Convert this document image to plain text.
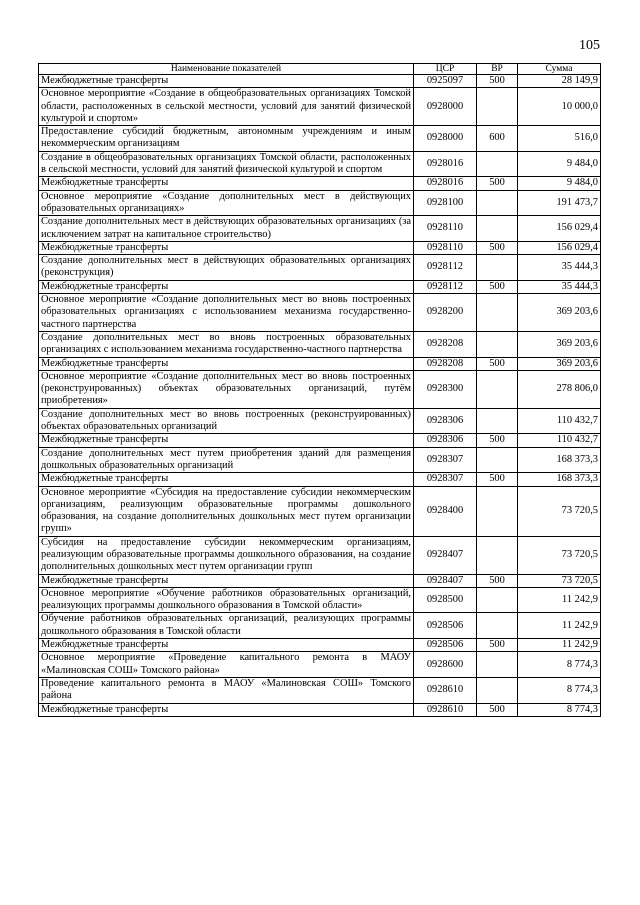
105
Наименование показателей	ЦСР	ВР	Сумма
Межбюджетные трансферты	0925097	500	28 149,9
Основное мероприятие «Создание в общеобразовательных организациях Томской области, расположенных в сельской местности, условий для занятий физической культурой и спортом»	0928000		10 000,0
Предоставление субсидий бюджетным, автономным учреждениям и иным некоммерческим организациям	0928000	600	516,0
Создание в общеобразовательных организациях Томской области, расположенных в сельской местности, условий для занятий физической культурой и спортом	0928016		9 484,0
Межбюджетные трансферты	0928016	500	9 484,0
Основное мероприятие «Создание дополнительных мест в действующих образовательных организациях»	0928100		191 473,7
Создание дополнительных мест в действующих образовательных организациях (за исключением затрат на капитальное строительство)	0928110		156 029,4
Межбюджетные трансферты	0928110	500	156 029,4
Создание дополнительных мест в действующих образовательных организациях (реконструкция)	0928112		35 444,3
Межбюджетные трансферты	0928112	500	35 444,3
Основное мероприятие «Создание дополнительных мест во вновь построенных образовательных организациях с использованием механизма государственно-частного партнерства	0928200		369 203,6
Создание дополнительных мест во вновь построенных образовательных организациях с использованием механизма государственно-частного партнерства	0928208		369 203,6
Межбюджетные трансферты	0928208	500	369 203,6
Основное мероприятие «Создание дополнительных мест во вновь построенных (реконструированных) объектах образовательных организаций, путём приобретения»	0928300		278 806,0
Создание дополнительных мест во вновь построенных (реконструированных) объектах образовательных организаций	0928306		110 432,7
Межбюджетные трансферты	0928306	500	110 432,7
Создание дополнительных мест путем приобретения зданий для размещения дошкольных образовательных организаций	0928307		168 373,3
Межбюджетные трансферты	0928307	500	168 373,3
Основное мероприятие «Субсидия на предоставление субсидии некоммерческим организациям, реализующим образовательные программы дошкольного образования, на создание дополнительных дошкольных мест путем организации групп»	0928400		73 720,5
Субсидия на предоставление субсидии некоммерческим организациям, реализующим образовательные программы дошкольного образования, на создание дополнительных дошкольных мест путем организации групп	0928407		73 720,5
Межбюджетные трансферты	0928407	500	73 720,5
Основное мероприятие «Обучение работников образовательных организаций, реализующих программы дошкольного образования в Томской области»	0928500		11 242,9
Обучение работников образовательных организаций, реализующих программы дошкольного образования в Томской области	0928506		11 242,9
Межбюджетные трансферты	0928506	500	11 242,9
Основное мероприятие «Проведение капитального ремонта в МАОУ «Малиновская СОШ» Томского района»	0928600		8 774,3
Проведение капитального ремонта в МАОУ «Малиновская СОШ» Томского района	0928610		8 774,3
Межбюджетные трансферты	0928610	500	8 774,3
